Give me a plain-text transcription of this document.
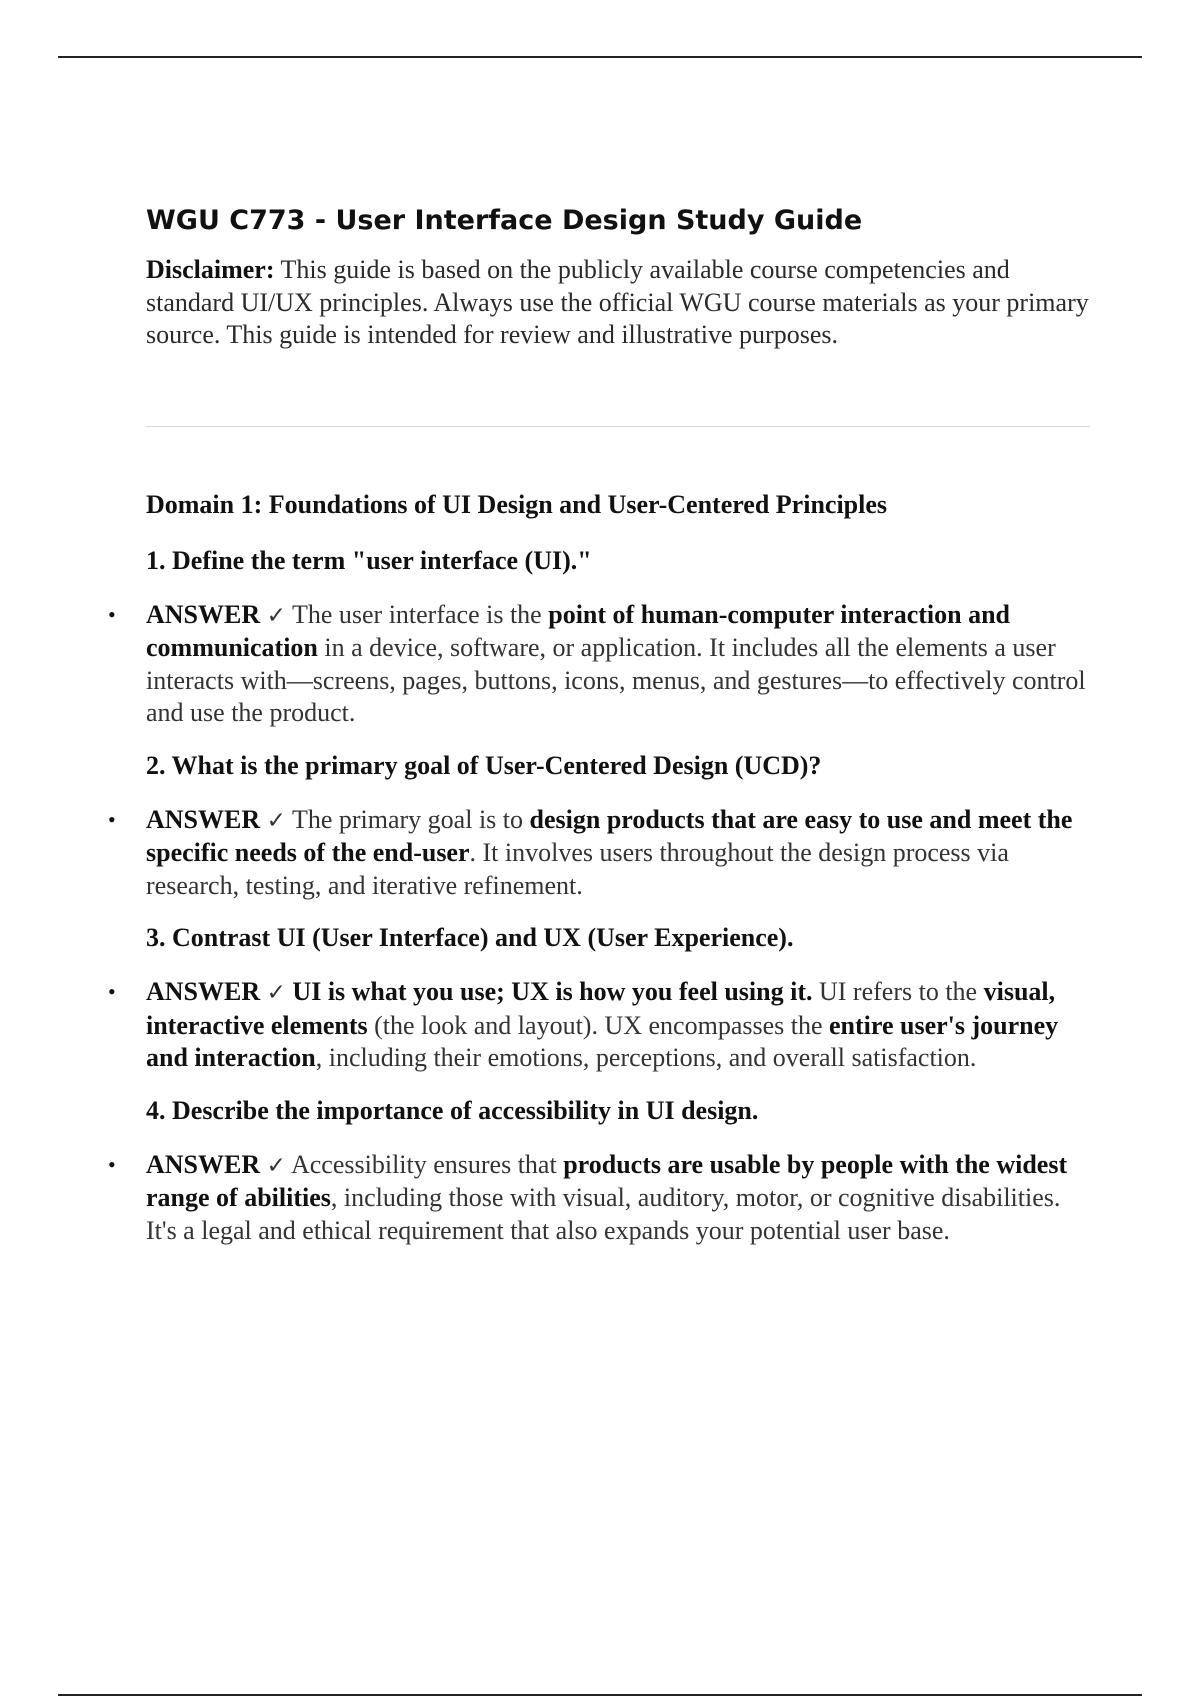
WGU C773 - User Interface Design Study Guide

Disclaimer: This guide is based on the publicly available course competencies and standard UI/UX principles. Always use the official WGU course materials as your primary source. This guide is intended for review and illustrative purposes.

Domain 1: Foundations of UI Design and User-Centered Principles
1. Define the term "user interface (UI)."
• ANSWER ✓ The user interface is the point of human-computer interaction and communication in a device, software, or application. It includes all the elements a user interacts with—screens, pages, buttons, icons, menus, and gestures—to effectively control and use the product.
2. What is the primary goal of User-Centered Design (UCD)?
• ANSWER ✓ The primary goal is to design products that are easy to use and meet the specific needs of the end-user. It involves users throughout the design process via research, testing, and iterative refinement.
3. Contrast UI (User Interface) and UX (User Experience).
• ANSWER ✓ UI is what you use; UX is how you feel using it. UI refers to the visual, interactive elements (the look and layout). UX encompasses the entire user's journey and interaction, including their emotions, perceptions, and overall satisfaction.
4. Describe the importance of accessibility in UI design.
• ANSWER ✓ Accessibility ensures that products are usable by people with the widest range of abilities, including those with visual, auditory, motor, or cognitive disabilities. It's a legal and ethical requirement that also expands your potential user base.
